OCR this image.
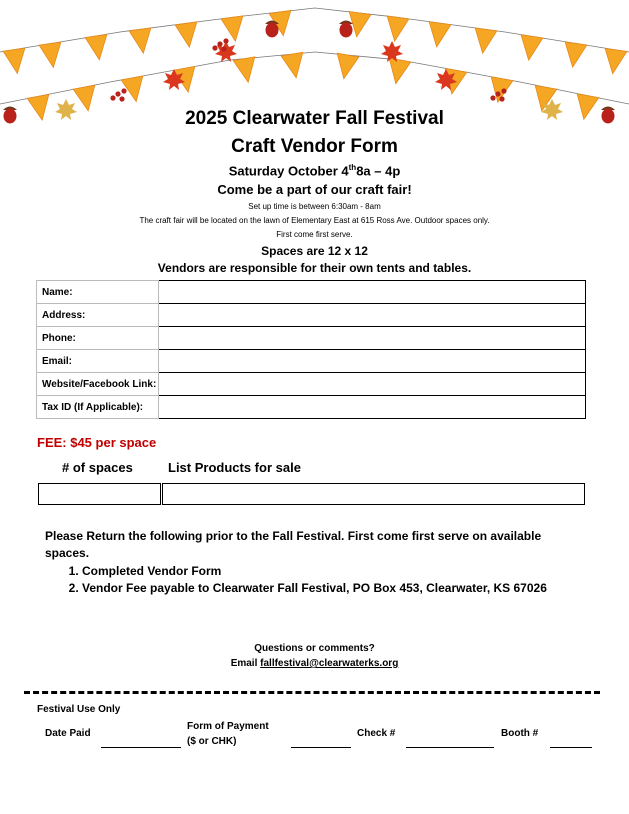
2025 Clearwater Fall Festival
Craft Vendor Form
Saturday October 4th8a – 4p
Come be a part of our craft fair!
Set up time is between 6:30am - 8am
The craft fair will be located on the lawn of Elementary East at 615 Ross Ave. Outdoor spaces only.
First come first serve.
Spaces are 12 x 12
Vendors are responsible for their own tents and tables.
Name:	
Address:	
Phone:	
Email:	
Website/Facebook Link:	
Tax ID (If Applicable):	
FEE: $45 per space
# of spaces	List Products for sale
Please Return the following prior to the Fall Festival. First come first serve on available spaces.
1. Completed Vendor Form
2. Vendor Fee payable to Clearwater Fall Festival, PO Box 453, Clearwater, KS 67026
Questions or comments?
Email fallfestival@clearwaterks.org
Festival Use Only
Date Paid
Form of Payment
($ or CHK)
Check #	Booth #
